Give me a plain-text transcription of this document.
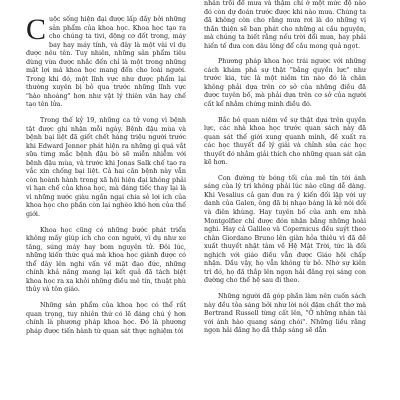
Cuộc sống hiện đại được lấp đầy bởi những sản phẩm của khoa học. Khoa học tạo ra cho chúng ta tivi, động cơ đốt trong, máy bay hay máy tính, và đây là một vài ví dụ được nêu tên. Tuy nhiên, những sản phẩm tiêu dùng vừa được nhắc đến chỉ là một trong những mặt lợi mà khoa học mang đến cho loài người. Trong khi đó, một lĩnh vực như được phẩm lại thường xuyên bị bỏ qua trước những lĩnh vực "hào nhoáng" hơn như vật lý thiên văn hay chế tạo tên lửa.

Trong thế kỷ 19, những ca tử vong vì bệnh tật được ghi nhận mỗi ngày. Bệnh đậu mùa và bệnh bại liệt đã giết chết hàng triệu người trước khi Edward Jenner phát hiện ra những gì quá vắt sữa từng mắc bệnh đậu bò sẽ miễn nhiễm với bệnh đậu mùa, và trước khi Jonas Salk chế tạo ra vắc xin chống bại liệt. Cả hai căn bệnh này vẫn còn hoành hành trong xã hội hiện đại không phải vì hạn chế của khoa học, mà đáng tiếc thay lại là vì những nước giàu ngần ngại chia sẻ lợi ích của khoa học cho phần còn lại nghèo khó hơn của thế giới.

Khoa học cũng có những bước phát triển không mấy giúp ích cho con người, vì dụ như xe tăng, súng máy hay bom nguyên tử. Đôi lúc, những kiến thức quá mà khoa học giành được có thể dây lên nghi vấn về mặt đạo đức, những chính khả năng mang lại kết quả đã tách biệt khoa học ra xa khỏi những điều mê tín, thuật phù thủy và tôn giáo.

Những sản phẩm của khoa học có thể rất quan trọng, tuy nhiên thứ có lẽ đáng chú ý hơn chính là phương pháp khoa học. Đó là phương pháp được tiến hành từ quan sát thực nghiệm tới

nhân trồi để mưa và thậm chí ở một mức độ nào đó còn dự đoán trước được khi nào mưa. Chúng ta đã không còn cho rằng mưa rơi là do những vị thần thiện sẽ ban phát cho những ai cầu nguyện, mà chúng ta biết rằng nếu trời đổi mưa, hay phải hiến tế đưa con dâu lông để cầu mong quả ngọt.

Phương pháp khoa học trái ngược với những cách khám phá sự thật "bằng quyền lực" như trước kia, tức là một niềm tin nào đó là chân không phải dựa trên cơ sở của những điều đã được tuyên bố, mà phải dựa trên cơ sở của người cất kể nhằm chứng minh điều đó.

Bắc bỏ quan niệm về sự thật dựa trên quyền lực, các nhà khoa học trước quan sách này đã quan sát thế giới xung quanh mình, đề xuất ra các học thuyết để lý giải và chỉnh sửa các học thuyết đó nhằm giải thích cho những quan sát cặn kẽ hơn.

Con đường từ bóng tối của mê tín tới ánh sáng của lý trí không phải lúc nào cũng dễ dàng. Khi Vesalius cả gan đưa ra ý kiến đối lập với uy danh của Galen, ông đã bị nhạo báng là kẻ nói dối và điên khùng. Hay tuyên bố của anh em nhà Montgolfier chỉ được đón nhận bằng những hoài nghi. Hay cả Galileo và Copernicus đều suýt theo chân Giordano Bruno lên giàn hỏa thiêu vì đã đề xuất thuyết nhật tâm về Hệ Mặt Trời, tức là đối nghịch với giáo điều vẫn được Giáo hội chấp nhận. Dầu vậy, họ vẫn không từ bỏ. Nhờ sự kiên trì đó, họ đã thắp lên ngọn hải đăng rọi sáng con đường cho thế hệ sau đi theo.

Những người đã góp phần làm nên cuốn sách này đều tỏa sáng bởi như lời nói đậm chất thơ mà Bertrand Russell từng cất lên, "Ở những nhân tài với ánh hào quang sáng chói". Những liều rằng ngọn hải đăng họ đã thắp sáng sẽ dẫn
